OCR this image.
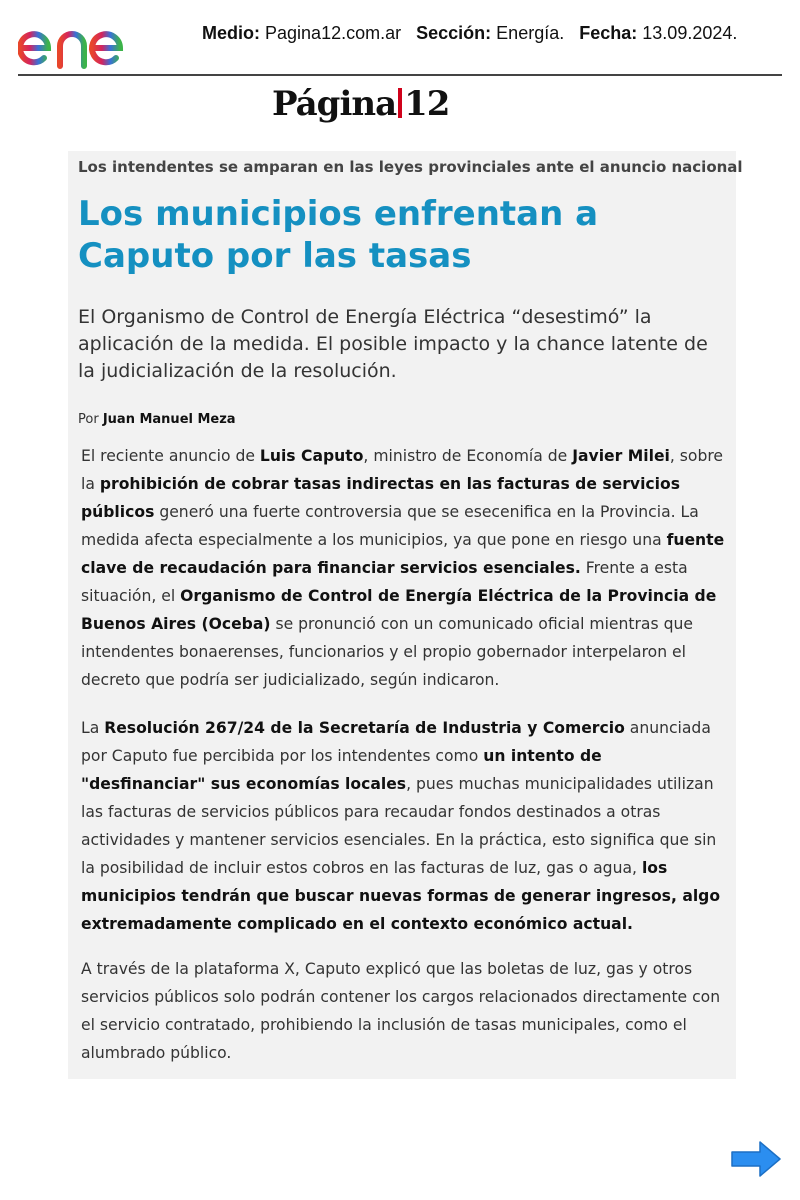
Medio: Pagina12.com.ar Sección: Energía. Fecha: 13.09.2024.
Página 12
Los intendentes se amparan en las leyes provinciales ante el anuncio nacional
Los municipios enfrentan a Caputo por las tasas
El Organismo de Control de Energía Eléctrica “desestimó” la aplicación de la medida. El posible impacto y la chance latente de la judicialización de la resolución.
Por Juan Manuel Meza
El reciente anuncio de Luis Caputo, ministro de Economía de Javier Milei, sobre la prohibición de cobrar tasas indirectas en las facturas de servicios públicos generó una fuerte controversia que se esecenifica en la Provincia. La medida afecta especialmente a los municipios, ya que pone en riesgo una fuente clave de recaudación para financiar servicios esenciales. Frente a esta situación, el Organismo de Control de Energía Eléctrica de la Provincia de Buenos Aires (Oceba) se pronunció con un comunicado oficial mientras que intendentes bonaerenses, funcionarios y el propio gobernador interpelaron el decreto que podría ser judicializado, según indicaron.
La Resolución 267/24 de la Secretaría de Industria y Comercio anunciada por Caputo fue percibida por los intendentes como un intento de "desfinanciar" sus economías locales, pues muchas municipalidades utilizan las facturas de servicios públicos para recaudar fondos destinados a otras actividades y mantener servicios esenciales. En la práctica, esto significa que sin la posibilidad de incluir estos cobros en las facturas de luz, gas o agua, los municipios tendrán que buscar nuevas formas de generar ingresos, algo extremadamente complicado en el contexto económico actual.
A través de la plataforma X, Caputo explicó que las boletas de luz, gas y otros servicios públicos solo podrán contener los cargos relacionados directamente con el servicio contratado, prohibiendo la inclusión de tasas municipales, como el alumbrado público.
